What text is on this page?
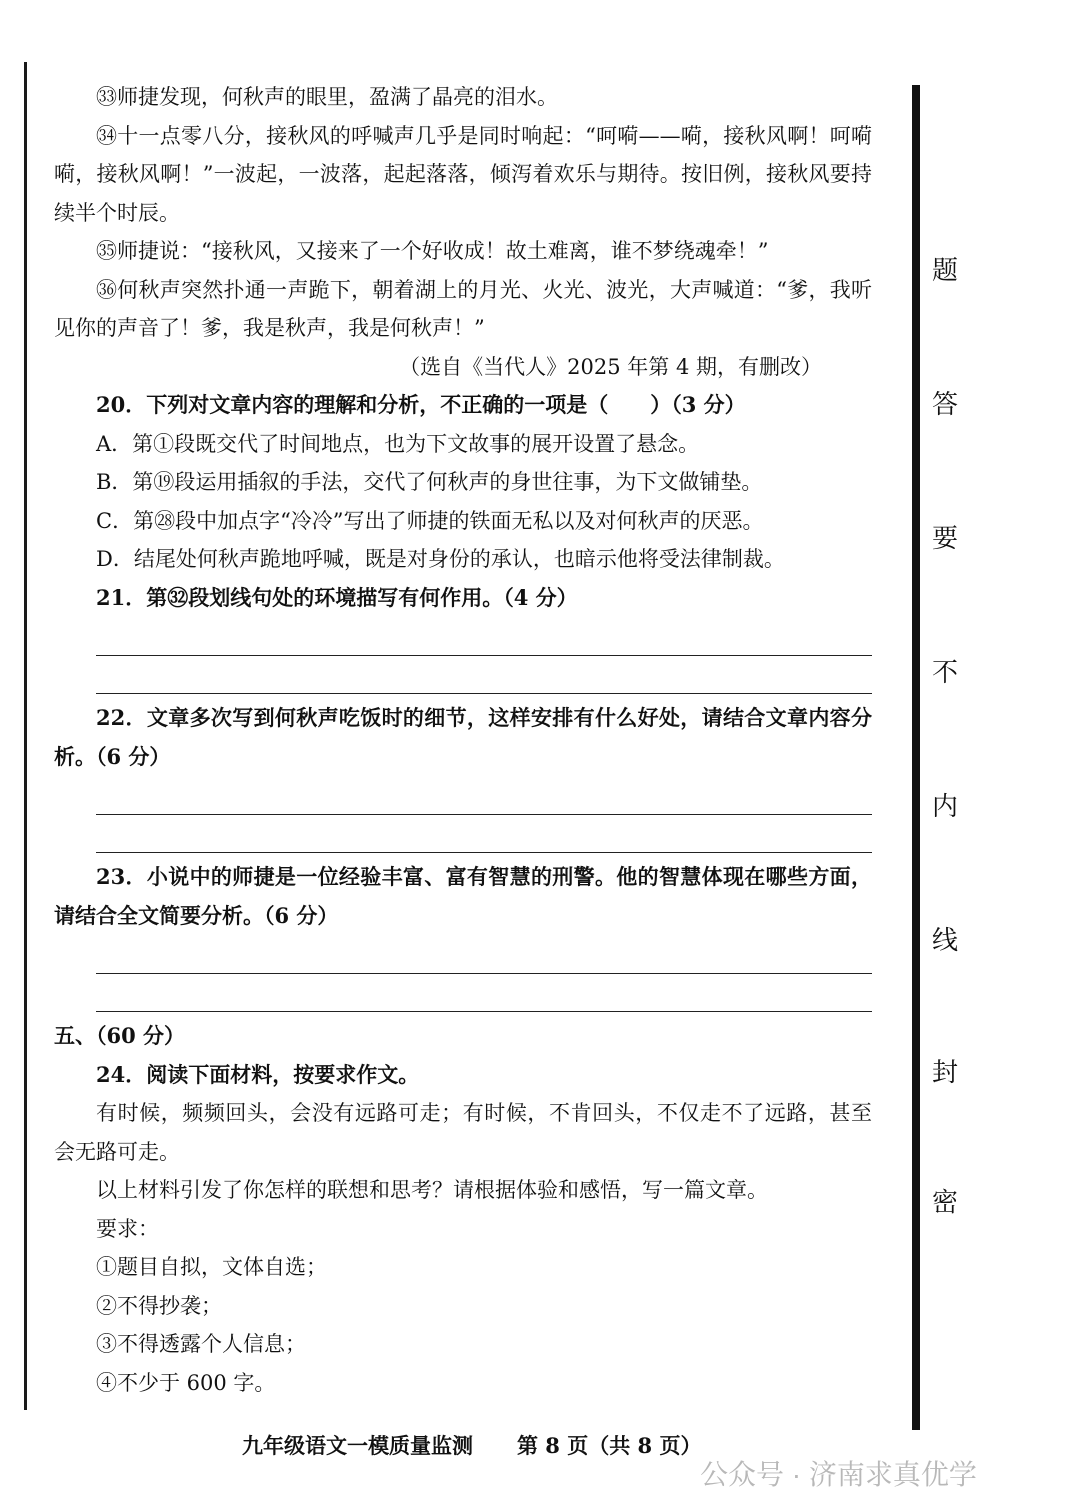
题
答
要
不
内
线
封
密

㉝师捷发现，何秋声的眼里，盈满了晶亮的泪水。

㉞十一点零八分，接秋风的呼喊声几乎是同时响起：“呵嗬——嗬，接秋风啊！呵嗬嗬，接秋风啊！”一波起，一波落，起起落落，倾泻着欢乐与期待。按旧例，接秋风要持续半个时辰。

㉟师捷说：“接秋风，又接来了一个好收成！故土难离，谁不梦绕魂牵！”

㊱何秋声突然扑通一声跪下，朝着湖上的月光、火光、波光，大声喊道：“爹，我听见你的声音了！爹，我是秋声，我是何秋声！”

（选自《当代人》2025 年第 4 期，有删改）

20．下列对文章内容的理解和分析，不正确的一项是（　　）（3 分）

A．第①段既交代了时间地点，也为下文故事的展开设置了悬念。

B．第⑲段运用插叙的手法，交代了何秋声的身世往事，为下文做铺垫。

C．第㉘段中加点字“冷冷”写出了师捷的铁面无私以及对何秋声的厌恶。

D．结尾处何秋声跪地呼喊，既是对身份的承认，也暗示他将受法律制裁。

21．第㉜段划线句处的环境描写有何作用。（4 分）

22．文章多次写到何秋声吃饭时的细节，这样安排有什么好处，请结合文章内容分析。（6 分）

23．小说中的师捷是一位经验丰富、富有智慧的刑警。他的智慧体现在哪些方面，请结合全文简要分析。（6 分）

五、（60 分）

24．阅读下面材料，按要求作文。

有时候，频频回头，会没有远路可走；有时候，不肯回头，不仅走不了远路，甚至会无路可走。

以上材料引发了你怎样的联想和思考？请根据体验和感悟，写一篇文章。

要求：

①题目自拟，文体自选；

②不得抄袭；

③不得透露个人信息；

④不少于 600 字。

九年级语文一模质量监测 第 8 页（共 8 页）
公众号 · 济南求真优学
